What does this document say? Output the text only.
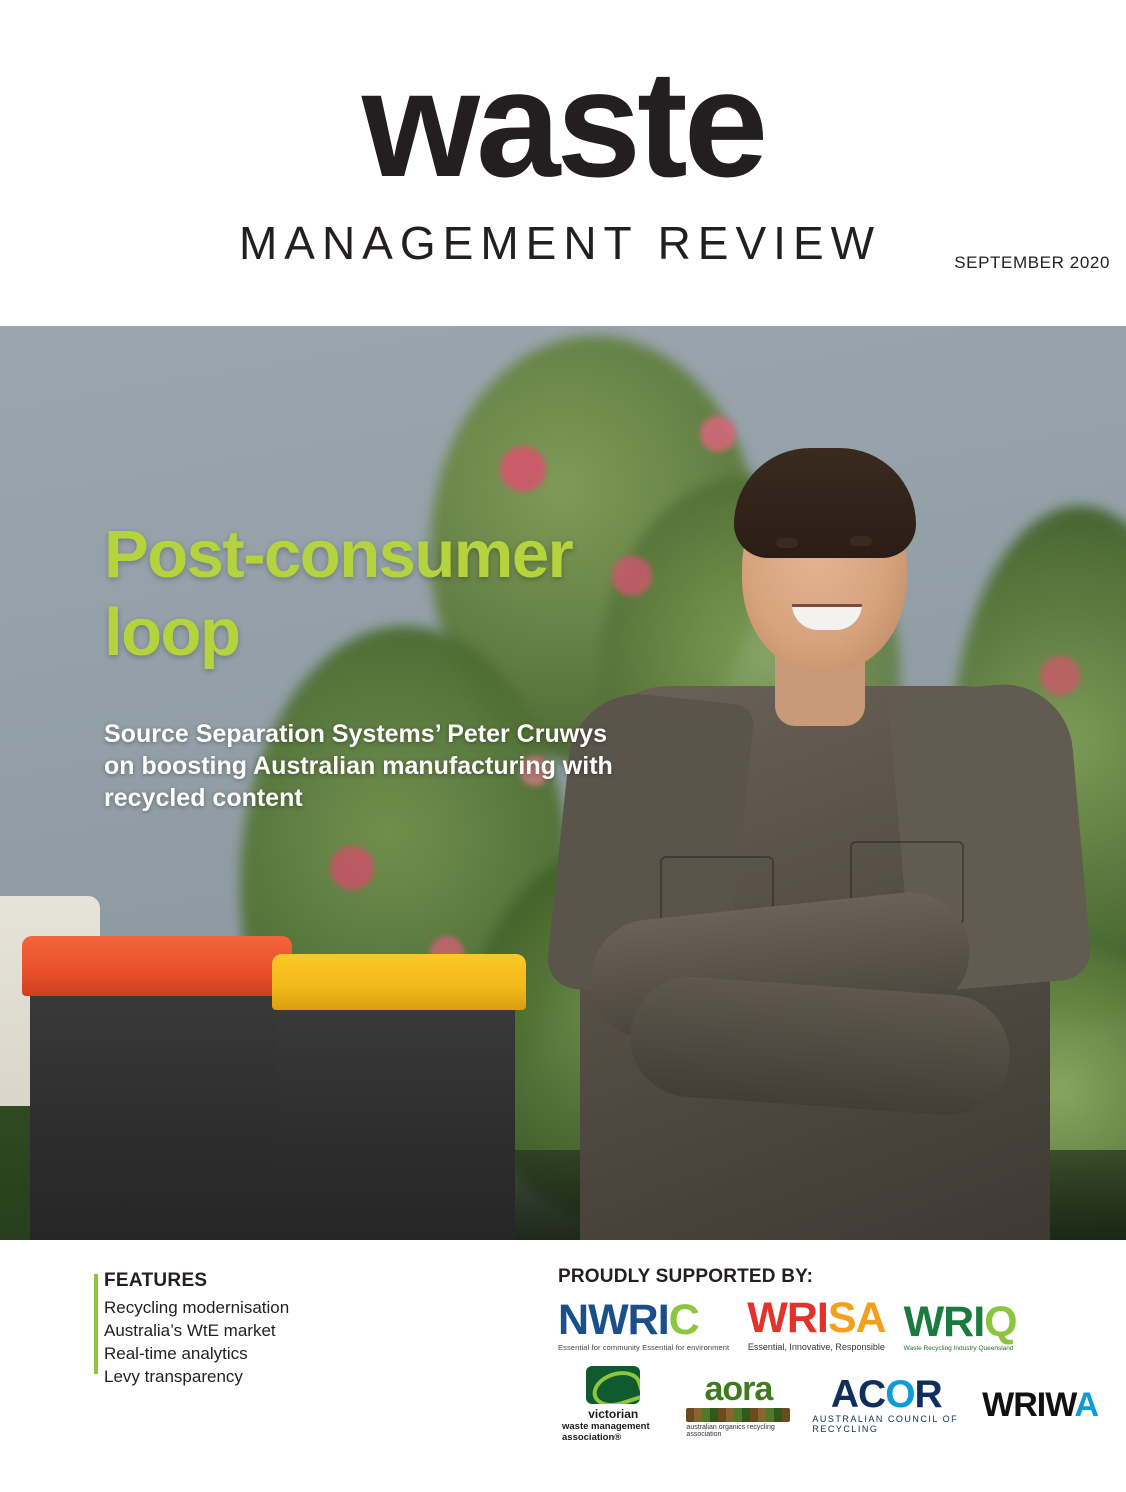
waste
MANAGEMENT REVIEW	SEPTEMBER 2020
Post-consumer loop
Source Separation Systems’ Peter Cruwys on boosting Australian manufacturing with recycled content
FEATURES
Recycling modernisation
Australia’s WtE market
Real-time analytics
Levy transparency
PROUDLY SUPPORTED BY:
NWRIC
Essential for community Essential for environment
WRISA
Essential, Innovative, Responsible
WRIQ
Waste Recycling Industry Queensland
victorian
waste management association®
aora
australian organics recycling association
ACOR
AUSTRALIAN COUNCIL OF RECYCLING
WRIWA
